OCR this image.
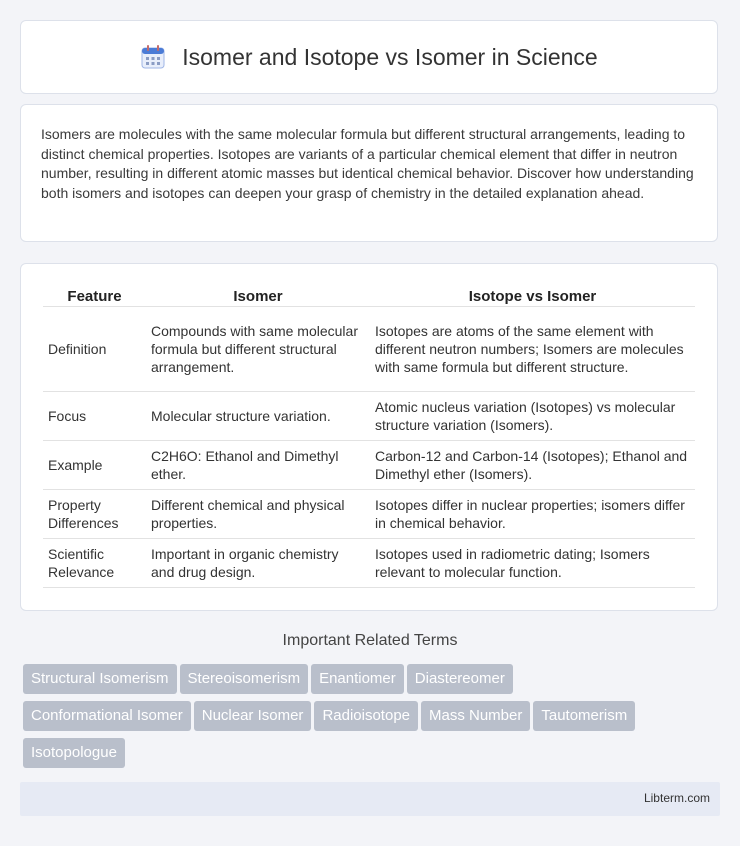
Isomer and Isotope vs Isomer in Science

Isomers are molecules with the same molecular formula but different structural arrangements, leading to distinct chemical properties. Isotopes are variants of a particular chemical element that differ in neutron number, resulting in different atomic masses but identical chemical behavior. Discover how understanding both isomers and isotopes can deepen your grasp of chemistry in the detailed explanation ahead.

Feature	Isomer	Isotope vs Isomer
Definition	Compounds with same molecular formula but different structural arrangement.	Isotopes are atoms of the same element with different neutron numbers; Isomers are molecules with same formula but different structure.
Focus	Molecular structure variation.	Atomic nucleus variation (Isotopes) vs molecular structure variation (Isomers).
Example	C2H6O: Ethanol and Dimethyl ether.	Carbon-12 and Carbon-14 (Isotopes); Ethanol and Dimethyl ether (Isomers).
Property Differences	Different chemical and physical properties.	Isotopes differ in nuclear properties; isomers differ in chemical behavior.
Scientific Relevance	Important in organic chemistry and drug design.	Isotopes used in radiometric dating; Isomers relevant to molecular function.
Important Related Terms
Structural Isomerism Stereoisomerism Enantiomer Diastereomer
Conformational Isomer Nuclear Isomer Radioisotope Mass Number Tautomerism
Isotopologue
Libterm.com
